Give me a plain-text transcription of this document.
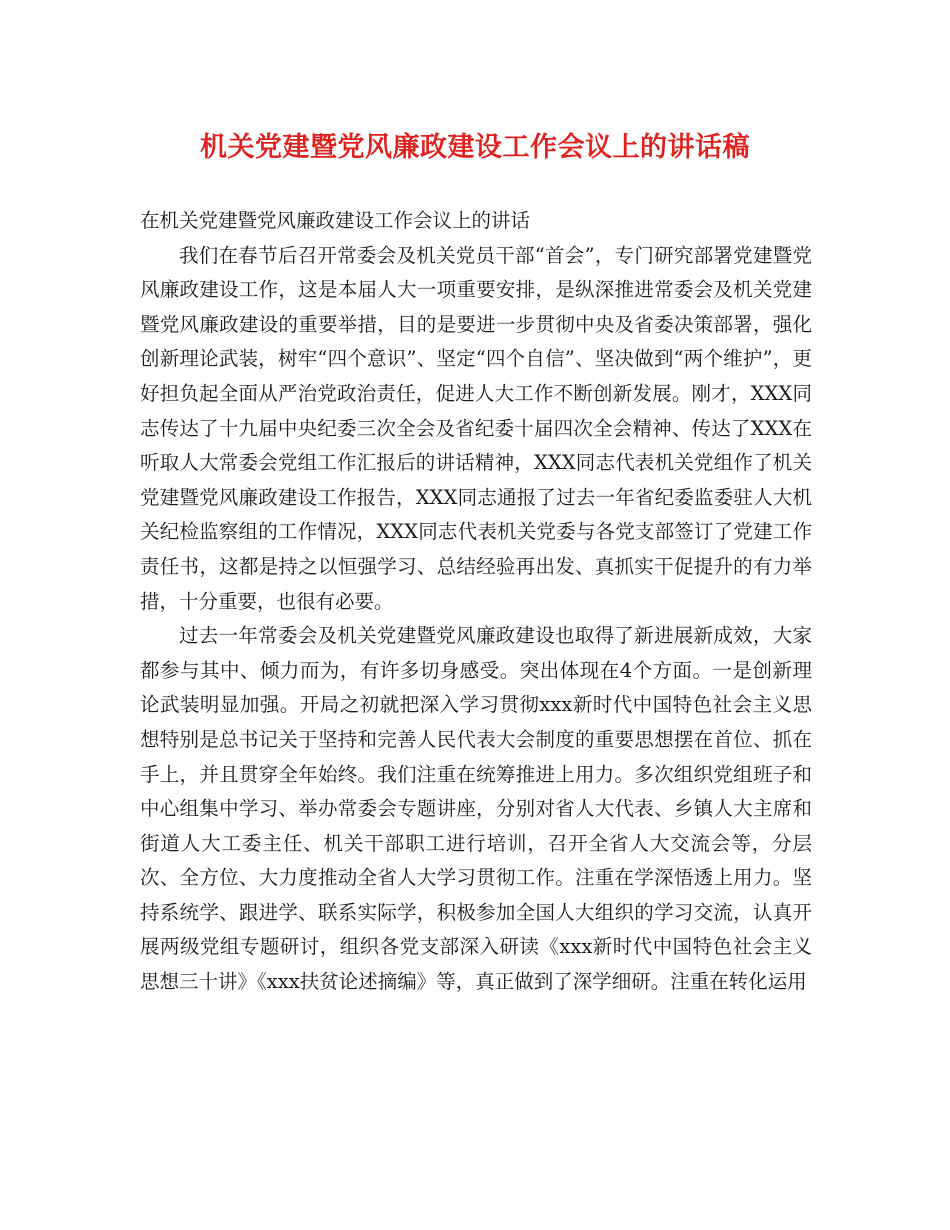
机关党建暨党风廉政建设工作会议上的讲话稿

在机关党建暨党风廉政建设工作会议上的讲话

我们在春节后召开常委会及机关党员干部“首会”，专门研究部署党建暨党风廉政建设工作，这是本届人大一项重要安排，是纵深推进常委会及机关党建暨党风廉政建设的重要举措，目的是要进一步贯彻中央及省委决策部署，强化创新理论武装，树牢“四个意识”、坚定“四个自信”、坚决做到“两个维护”，更好担负起全面从严治党政治责任，促进人大工作不断创新发展。刚才，XXX同志传达了十九届中央纪委三次全会及省纪委十届四次全会精神、传达了XXX在听取人大常委会党组工作汇报后的讲话精神，XXX同志代表机关党组作了机关党建暨党风廉政建设工作报告，XXX同志通报了过去一年省纪委监委驻人大机关纪检监察组的工作情况，XXX同志代表机关党委与各党支部签订了党建工作责任书，这都是持之以恒强学习、总结经验再出发、真抓实干促提升的有力举措，十分重要，也很有必要。

过去一年常委会及机关党建暨党风廉政建设也取得了新进展新成效，大家都参与其中、倾力而为，有许多切身感受。突出体现在4个方面。一是创新理论武装明显加强。开局之初就把深入学习贯彻xxx新时代中国特色社会主义思想特别是总书记关于坚持和完善人民代表大会制度的重要思想摆在首位、抓在手上，并且贯穿全年始终。我们注重在统筹推进上用力。多次组织党组班子和中心组集中学习、举办常委会专题讲座，分别对省人大代表、乡镇人大主席和街道人大工委主任、机关干部职工进行培训，召开全省人大交流会等，分层次、全方位、大力度推动全省人大学习贯彻工作。注重在学深悟透上用力。坚持系统学、跟进学、联系实际学，积极参加全国人大组织的学习交流，认真开展两级党组专题研讨，组织各党支部深入研读《xxx新时代中国特色社会主义思想三十讲》《xxx扶贫论述摘编》等，真正做到了深学细研。注重在转化运用
